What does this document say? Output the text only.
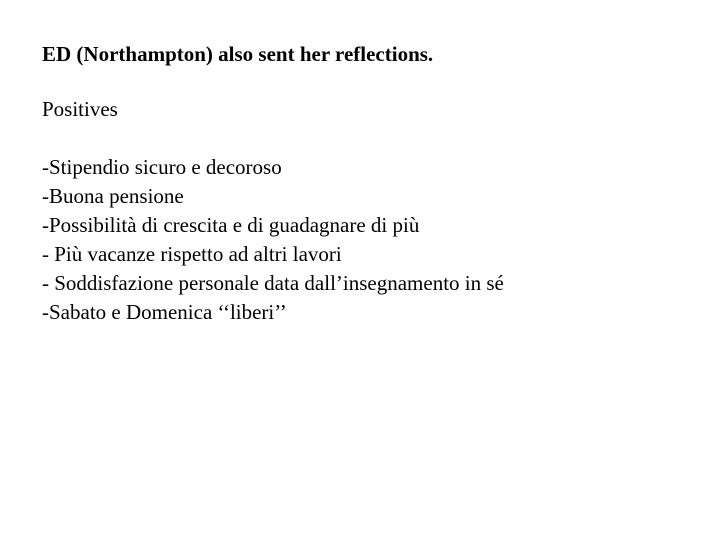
ED (Northampton) also sent her reflections.
Positives
-Stipendio sicuro e decoroso
-Buona pensione
-Possibilità di crescita e di guadagnare di più
- Più vacanze rispetto ad altri lavori
- Soddisfazione personale data dall’insegnamento in sé
-Sabato e Domenica ‘‘liberi’’
